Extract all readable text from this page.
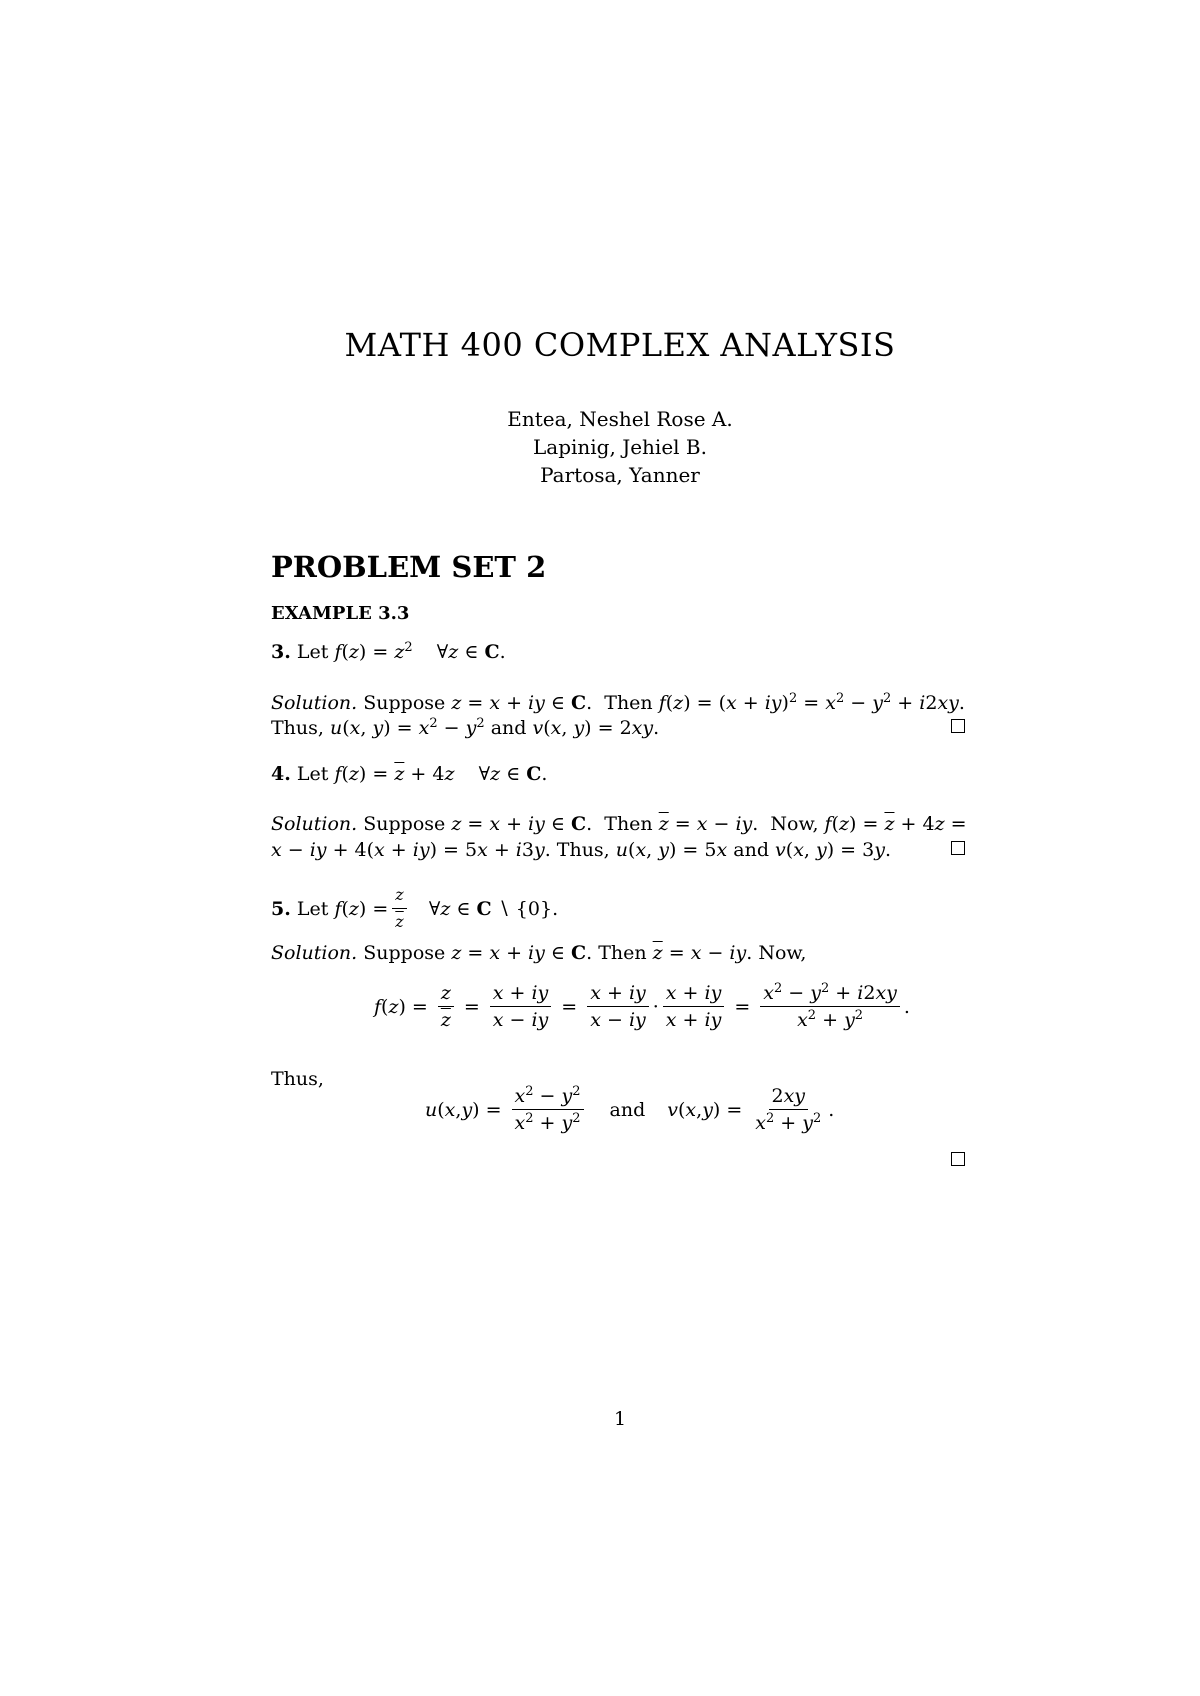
MATH 400 COMPLEX ANALYSIS
Entea, Neshel Rose A.
Lapinig, Jehiel B.
Partosa, Yanner
PROBLEM SET 2
EXAMPLE 3.3
3. Let $f(z) = z^2$    ∀z ∈ C.
Solution. Suppose z = x + iy ∈ C.  Then $f(z) = (x + iy)^2 = x^2 - y^2 + i2xy$.
Thus, u(x, $y) = x^2 - y^2$ and v(x, y) = 2xy.
4. Let $f(z) = \overline{z} + 4z$    ∀z ∈ C.
Solution. Suppose z = x + iy ∈ C.  Then $\overline{z} = x$ − iy.  Now, $f(z) = \overline{z} + 4z$ =
x − iy + 4(x + iy) = 5x + i3y. Thus, u(x, y) = 5x and v(x, y) = 3y.
5.
Let
f ( z ) = $\frac{z}{z}$ ∀ z ∈ C ∖ {0}.
Solution. Suppose z = x + iy ∈ C. Then $\overline{z} = x$ − iy. Now,
f ( z ) = $\frac{z}{z} = \frac{x + iy}{x - iy} = \frac{x + iy}{x - iy} \cdot \frac{x + iy}{x + iy} = \frac{x^2 - y^2 + i2xy}{x^2 + y^2}$ .
Thus,
u ( x , y ) = $\frac{x^2 - y^2}{x^2 + y^2}$ and v ( x , y ) = $\frac{2xy}{x^2 + y^2}$ .
1
